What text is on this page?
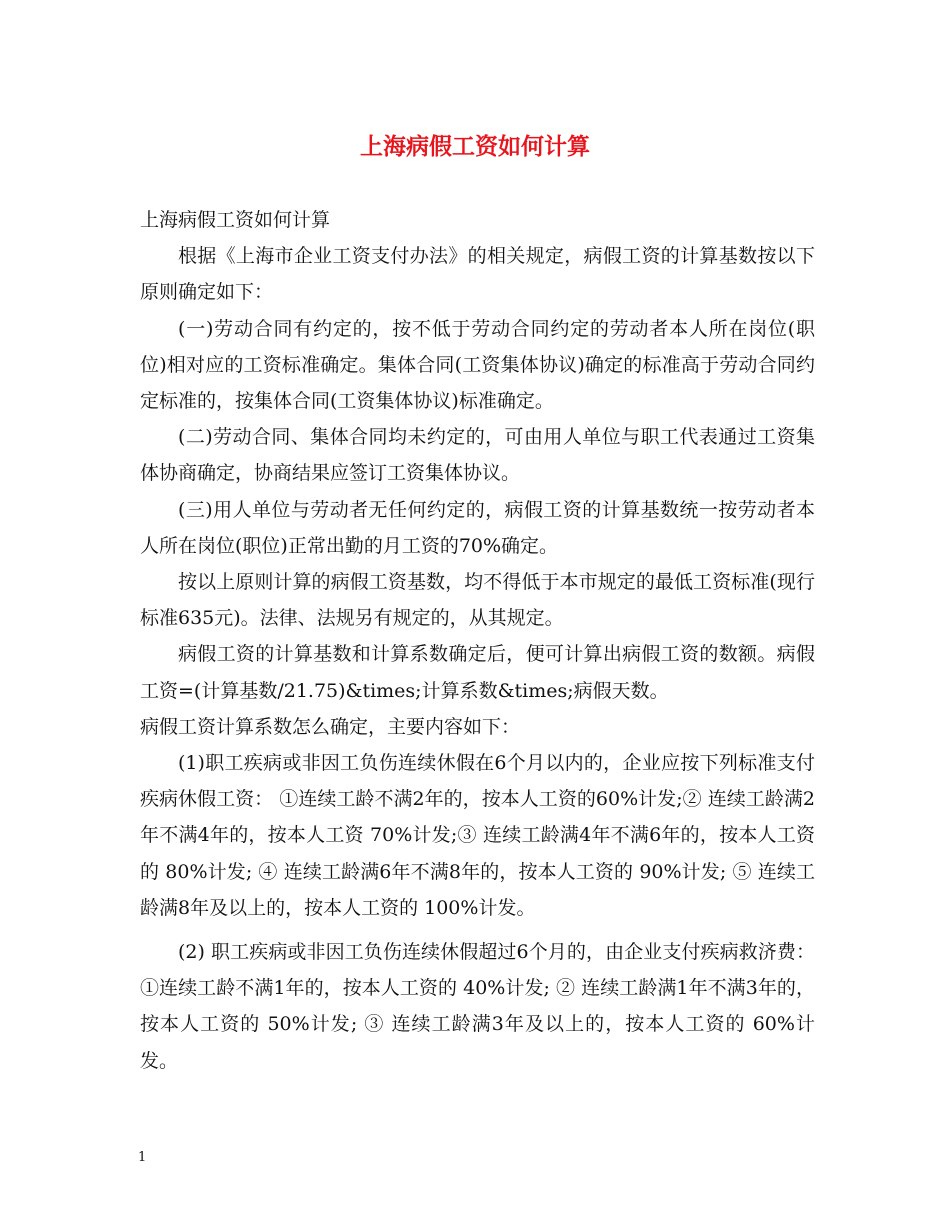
上海病假工资如何计算

上海病假工资如何计算

根据《上海市企业工资支付办法》的相关规定，病假工资的计算基数按以下原则确定如下：

(一)劳动合同有约定的，按不低于劳动合同约定的劳动者本人所在岗位(职位)相对应的工资标准确定。集体合同(工资集体协议)确定的标准高于劳动合同约定标准的，按集体合同(工资集体协议)标准确定。

(二)劳动合同、集体合同均未约定的，可由用人单位与职工代表通过工资集体协商确定，协商结果应签订工资集体协议。

(三)用人单位与劳动者无任何约定的，病假工资的计算基数统一按劳动者本人所在岗位(职位)正常出勤的月工资的70%确定。

按以上原则计算的病假工资基数，均不得低于本市规定的最低工资标准(现行标准635元)。法律、法规另有规定的，从其规定。

病假工资的计算基数和计算系数确定后，便可计算出病假工资的数额。病假工资=(计算基数/21.75)&times;计算系数&times;病假天数。

病假工资计算系数怎么确定，主要内容如下：

(1)职工疾病或非因工负伤连续休假在6个月以内的，企业应按下列标准支付疾病休假工资： ①连续工龄不满2年的，按本人工资的60%计发;② 连续工龄满2年不满4年的，按本人工资 70%计发;③ 连续工龄满4年不满6年的，按本人工资的 80%计发; ④ 连续工龄满6年不满8年的，按本人工资的 90%计发; ⑤ 连续工龄满8年及以上的，按本人工资的 100%计发。

(2) 职工疾病或非因工负伤连续休假超过6个月的，由企业支付疾病救济费： ①连续工龄不满1年的，按本人工资的 40%计发; ② 连续工龄满1年不满3年的，按本人工资的 50%计发; ③ 连续工龄满3年及以上的，按本人工资的 60%计发。

1
